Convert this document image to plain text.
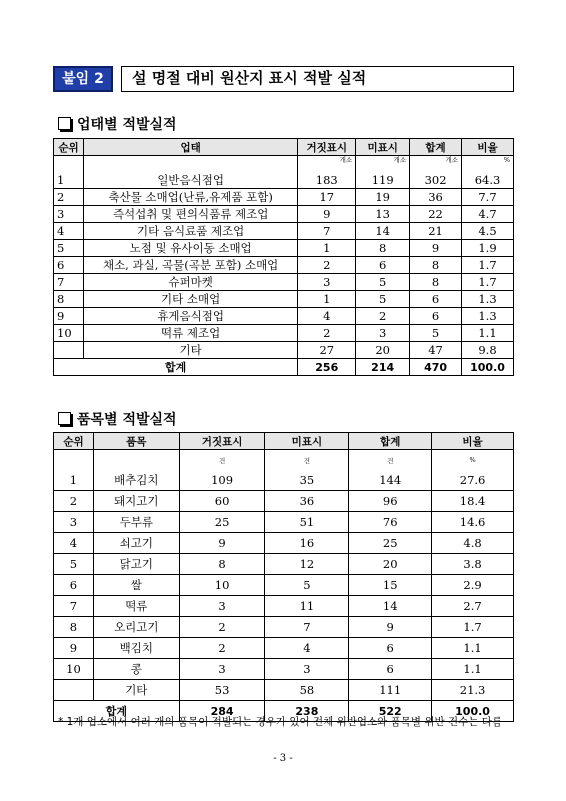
붙임 2	설 명절 대비 원산지 표시 적발 실적
업태별 적발실적
순위	업태	거짓표시	미표시	합계	비율
		개소	개소	개소	%
1	일반음식점업	183	119	302	64.3
2	축산물 소매업(난류,유제품 포함)	17	19	36	7.7
3	즉석섭취 및 편의식품류 제조업	9	13	22	4.7
4	기타 음식료품 제조업	7	14	21	4.5
5	노점 및 유사이동 소매업	1	8	9	1.9
6	채소, 과실, 곡물(곡분 포함) 소매업	2	6	8	1.7
7	슈퍼마켓	3	5	8	1.7
8	기타 소매업	1	5	6	1.3
9	휴게음식점업	4	2	6	1.3
10	떡류 제조업	2	3	5	1.1
	기타	27	20	47	9.8
합계		256	214	470	100.0
품목별 적발실적
순위	품목	거짓표시	미표시	합계	비율
		건	건	건	%
1	배추김치	109	35	144	27.6
2	돼지고기	60	36	96	18.4
3	두부류	25	51	76	14.6
4	쇠고기	9	16	25	4.8
5	닭고기	8	12	20	3.8
6	쌀	10	5	15	2.9
7	떡류	3	11	14	2.7
8	오리고기	2	7	9	1.7
9	백김치	2	4	6	1.1
10	콩	3	3	6	1.1
	기타	53	58	111	21.3
합계		284	238	522	100.0
* 1개 업소에서 여러 개의 품목이 적발되는 경우가 있어 전체 위반업소와 품목별 위반 건수는 다름
- 3 -
